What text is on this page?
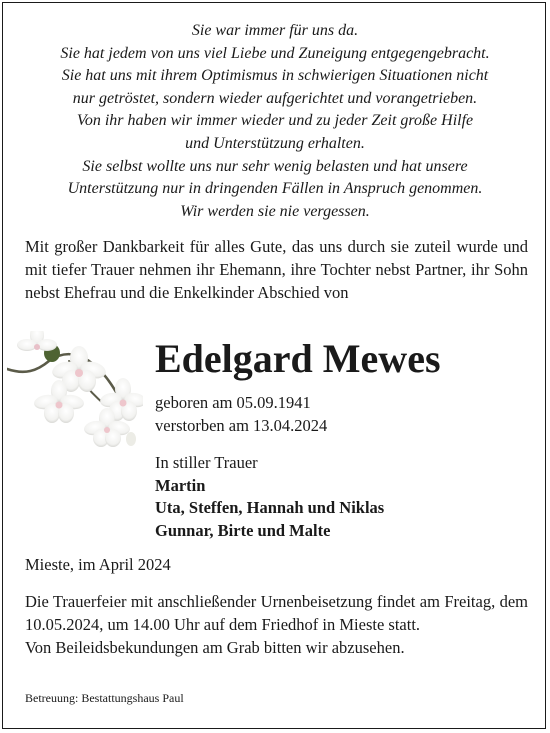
Sie war immer für uns da.
Sie hat jedem von uns viel Liebe und Zuneigung entgegengebracht.
Sie hat uns mit ihrem Optimismus in schwierigen Situationen nicht
nur getröstet, sondern wieder aufgerichtet und vorangetrieben.
Von ihr haben wir immer wieder und zu jeder Zeit große Hilfe
und Unterstützung erhalten.
Sie selbst wollte uns nur sehr wenig belasten und hat unsere
Unterstützung nur in dringenden Fällen in Anspruch genommen.
Wir werden sie nie vergessen.
Mit großer Dankbarkeit für alles Gute, das uns durch sie zuteil wurde und mit tiefer Trauer nehmen ihr Ehemann, ihre Tochter nebst Partner, ihr Sohn nebst Ehefrau und die Enkelkinder Abschied von
Edelgard Mewes
geboren am 05.09.1941
verstorben am 13.04.2024
In stiller Trauer
Martin
Uta, Steffen, Hannah und Niklas
Gunnar, Birte und Malte
Mieste, im April 2024
Die Trauerfeier mit anschließender Urnenbeisetzung findet am Freitag, dem 10.05.2024, um 14.00 Uhr auf dem Friedhof in Mieste statt.
Von Beileidsbekundungen am Grab bitten wir abzusehen.
Betreuung: Bestattungshaus Paul
